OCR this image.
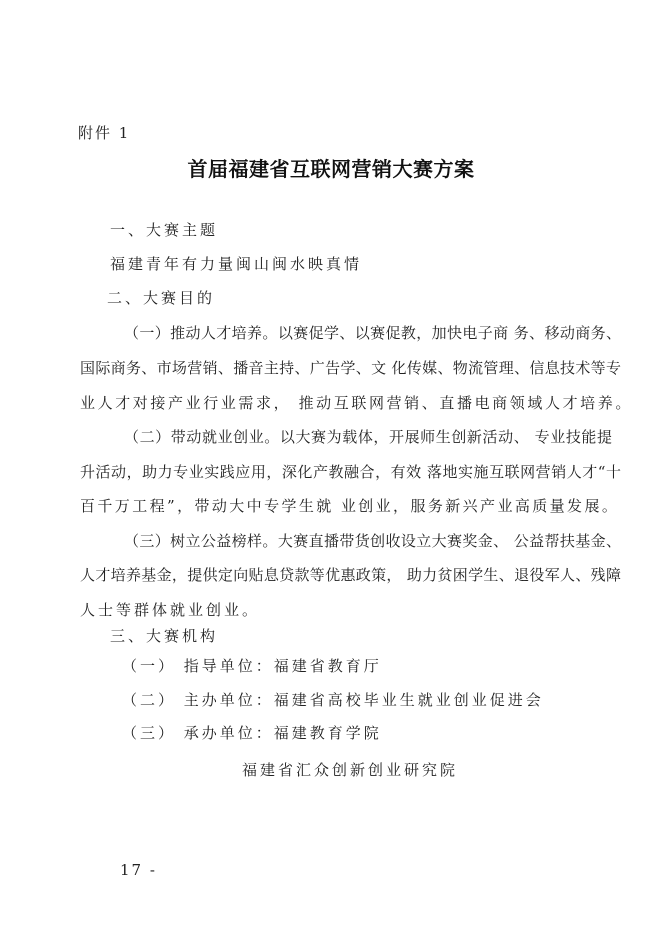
附件 1
首届福建省互联网营销大赛方案
一、大赛主题
福建青年有力量闽山闽水映真情
二、大赛目的
（一）推动人才培养。以赛促学、以赛促教，加快电子商 务、移动商务、
国际商务、市场营销、播音主持、广告学、文 化传媒、物流管理、信息技术等专
业人才对接产业行业需求， 推动互联网营销、直播电商领域人才培养。
（二）带动就业创业。以大赛为载体，开展师生创新活动、 专业技能提
升活动，助力专业实践应用，深化产教融合，有效 落地实施互联网营销人才“十
百千万工程”，带动大中专学生就 业创业，服务新兴产业高质量发展。
（三）树立公益榜样。大赛直播带货创收设立大赛奖金、 公益帮扶基金、
人才培养基金，提供定向贴息贷款等优惠政策， 助力贫困学生、退役军人、残障
人士等群体就业创业。
三、大赛机构
（一） 指导单位：福建省教育厅
（二） 主办单位：福建省高校毕业生就业创业促进会
（三） 承办单位：福建教育学院
福建省汇众创新创业研究院
17 -
